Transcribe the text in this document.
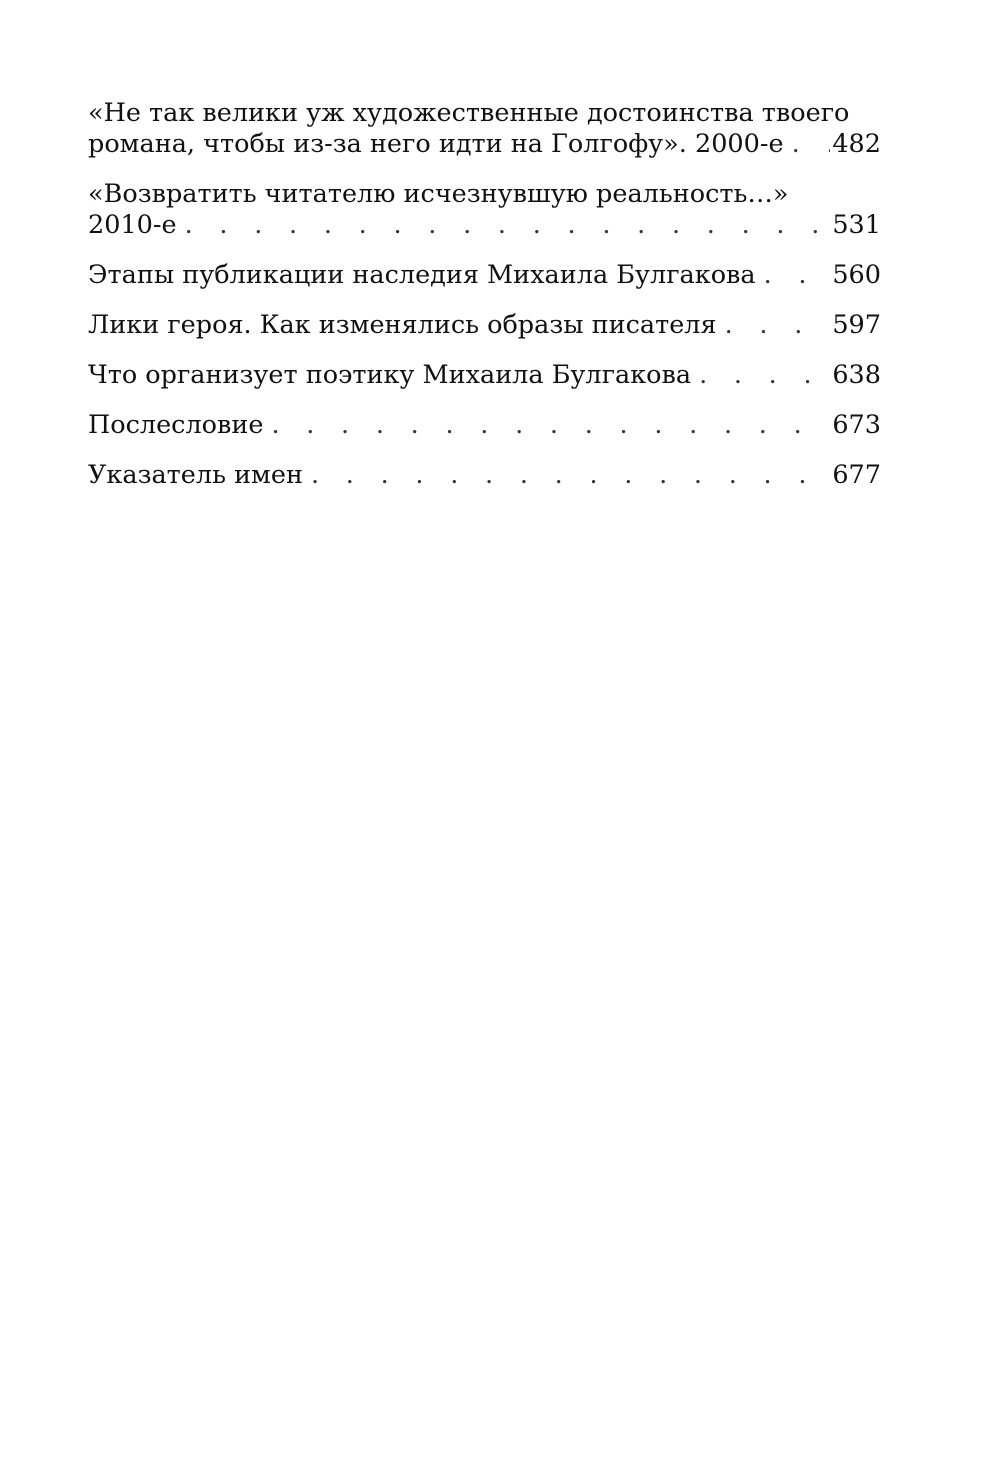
«Не так велики уж художественные достоинства твоего
романа, чтобы из-за него идти на Голгофу». 2000-е . . . 482
«Возвратить читателю исчезнувшую реальность…»
2010-е . . .	531
Этапы публикации наследия Михаила Булгакова . . .	560
Лики героя. Как изменялись образы писателя . . .	597
Что организует поэтику Михаила Булгакова . . .	638
Послесловие . . .	673
Указатель имен . . .	677
